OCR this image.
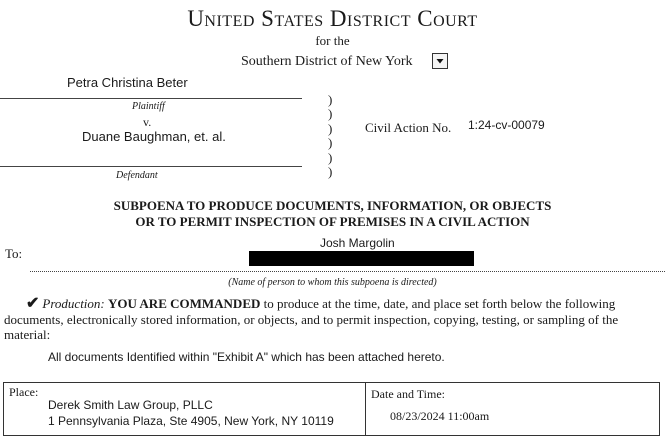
United States District Court
for the
Southern District of New York
Petra Christina Beter
Plaintiff
v.
Duane Baughman, et. al.
Defendant
)
)
)
)
)
)
Civil Action No. 1:24-cv-00079
SUBPOENA TO PRODUCE DOCUMENTS, INFORMATION, OR OBJECTS
OR TO PERMIT INSPECTION OF PREMISES IN A CIVIL ACTION
To:
Josh Margolin
(Name of person to whom this subpoena is directed)
✔ Production: YOU ARE COMMANDED to produce at the time, date, and place set forth below the following documents, electronically stored information, or objects, and to permit inspection, copying, testing, or sampling of the material:
All documents Identified within "Exhibit A" which has been attached hereto.
Place:
Derek Smith Law Group, PLLC
1 Pennsylvania Plaza, Ste 4905, New York, NY 10119
Date and Time:
08/23/2024 11:00am
